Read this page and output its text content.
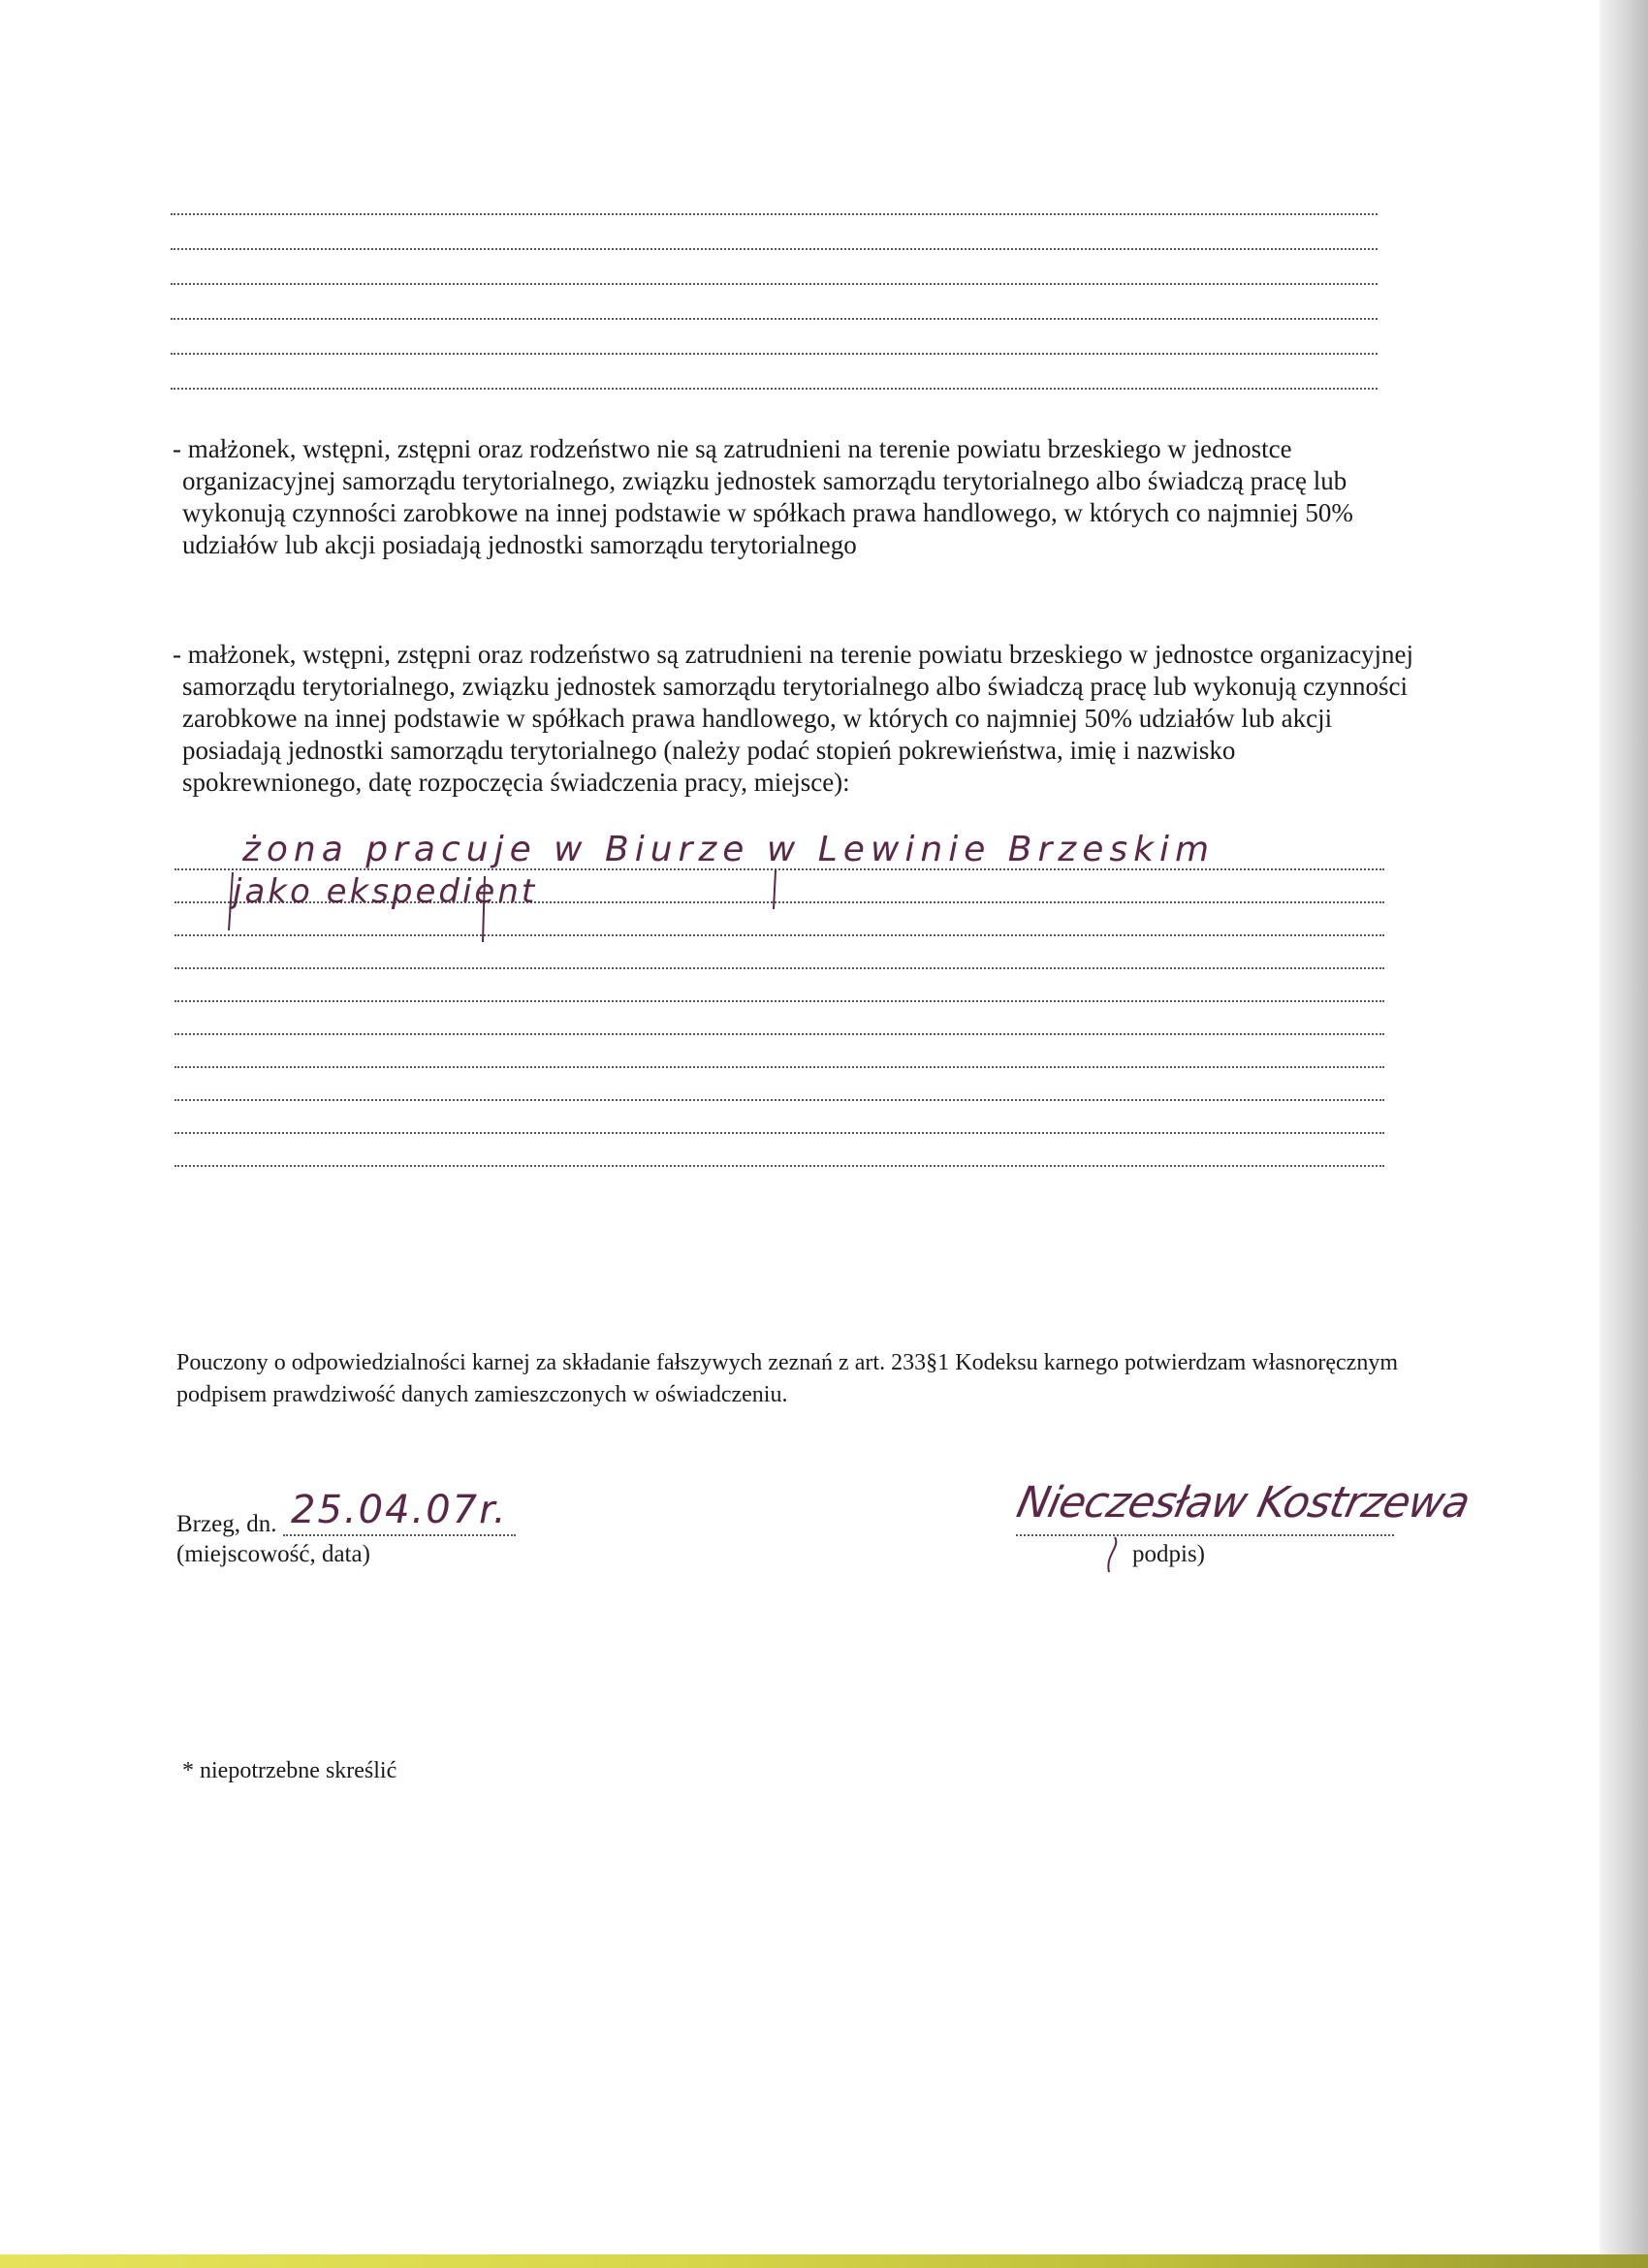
- małżonek, wstępni, zstępni oraz rodzeństwo nie są zatrudnieni na terenie powiatu brzeskiego w jednostce organizacyjnej samorządu terytorialnego, związku jednostek samorządu terytorialnego albo świadczą pracę lub wykonują czynności zarobkowe na innej podstawie w spółkach prawa handlowego, w których co najmniej 50% udziałów lub akcji posiadają jednostki samorządu terytorialnego

- małżonek, wstępni, zstępni oraz rodzeństwo są zatrudnieni na terenie powiatu brzeskiego w jednostce organizacyjnej samorządu terytorialnego, związku jednostek samorządu terytorialnego albo świadczą pracę lub wykonują czynności zarobkowe na innej podstawie w spółkach prawa handlowego, w których co najmniej 50% udziałów lub akcji posiadają jednostki samorządu terytorialnego (należy podać stopień pokrewieństwa, imię i nazwisko spokrewnionego, datę rozpoczęcia świadczenia pracy, miejsce):

żona pracuje w Biurze w Lewinie Brzeskim
jako ekspedient

Pouczony o odpowiedzialności karnej za składanie fałszywych zeznań z art. 233§1 Kodeksu karnego potwierdzam własnoręcznym podpisem prawdziwość danych zamieszczonych w oświadczeniu.

Brzeg, dn. 25.04.07r.
(miejscowość, data)
Nieczesław Kostrzewa
podpis)
* niepotrzebne skreślić
